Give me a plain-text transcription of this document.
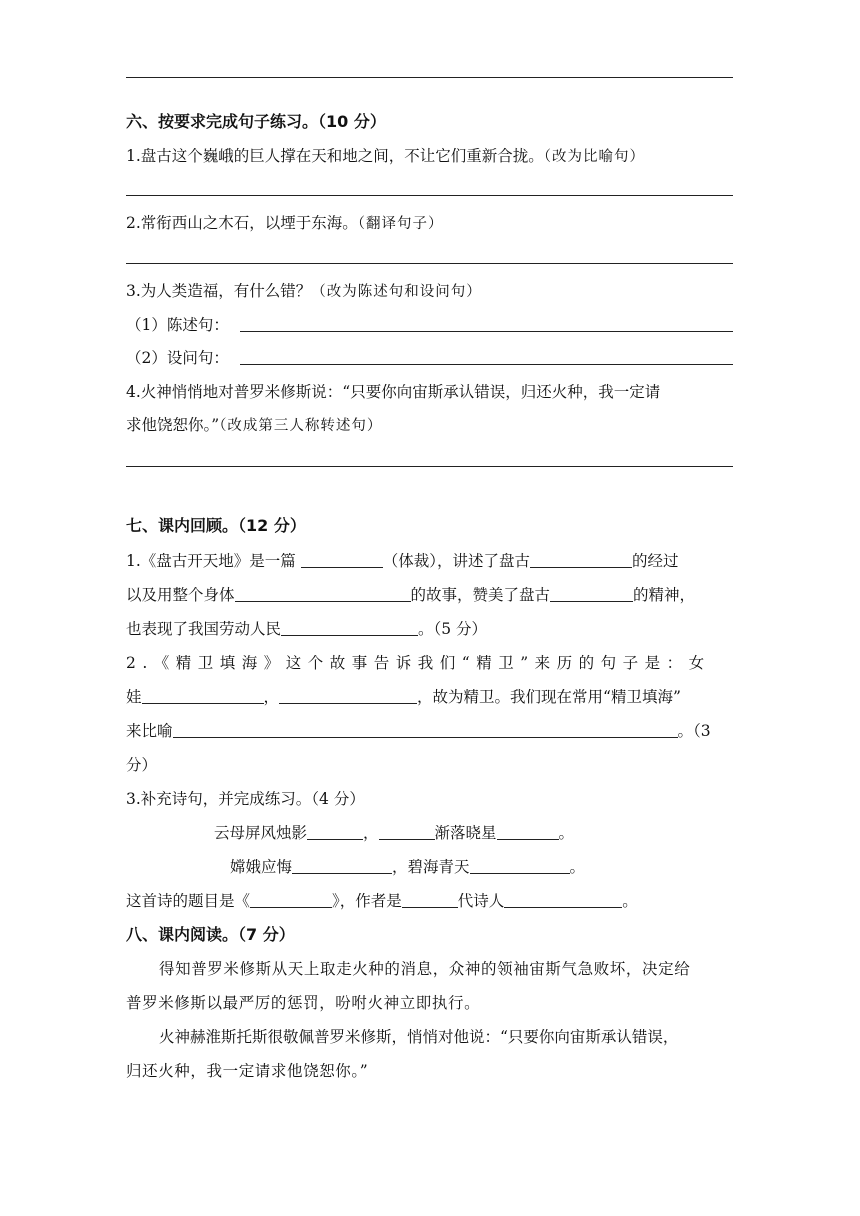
六、按要求完成句子练习。（10 分）
1.盘古这个巍峨的巨人撑在天和地之间，不让它们重新合拢。（改为比喻句）
2.常衔西山之木石，以堙于东海。（翻译句子）
3.为人类造福，有什么错？（改为陈述句和设问句）
（1）陈述句：
（2）设问句：
4.火神悄悄地对普罗米修斯说：“只要你向宙斯承认错误，归还火种，我一定请
求他饶恕你。”（改成第三人称转述句）
七、课内回顾。（12 分）
1.《盘古开天地》是一篇	（体裁），讲述了盘古	的经过
以及用整个身体	的故事，赞美了盘古	的精神，
也表现了我国劳动人民	。（5 分）
2.《精卫填海》这个故事告诉我们“精卫”来历的句子是：女
娃	，	，故为精卫。我们现在常用“精卫填海”
来比喻	。（3
分）
3.补充诗句，并完成练习。（4 分）
云母屏风烛影	，	渐落晓星	。
嫦娥应悔	，碧海青天	。
这首诗的题目是《	》，作者是	代诗人	。
八、课内阅读。（7 分）
得知普罗米修斯从天上取走火种的消息，众神的领袖宙斯气急败坏，决定给
普罗米修斯以最严厉的惩罚，吩咐火神立即执行。
火神赫淮斯托斯很敬佩普罗米修斯，悄悄对他说：“只要你向宙斯承认错误，
归还火种，我一定请求他饶恕你。”
